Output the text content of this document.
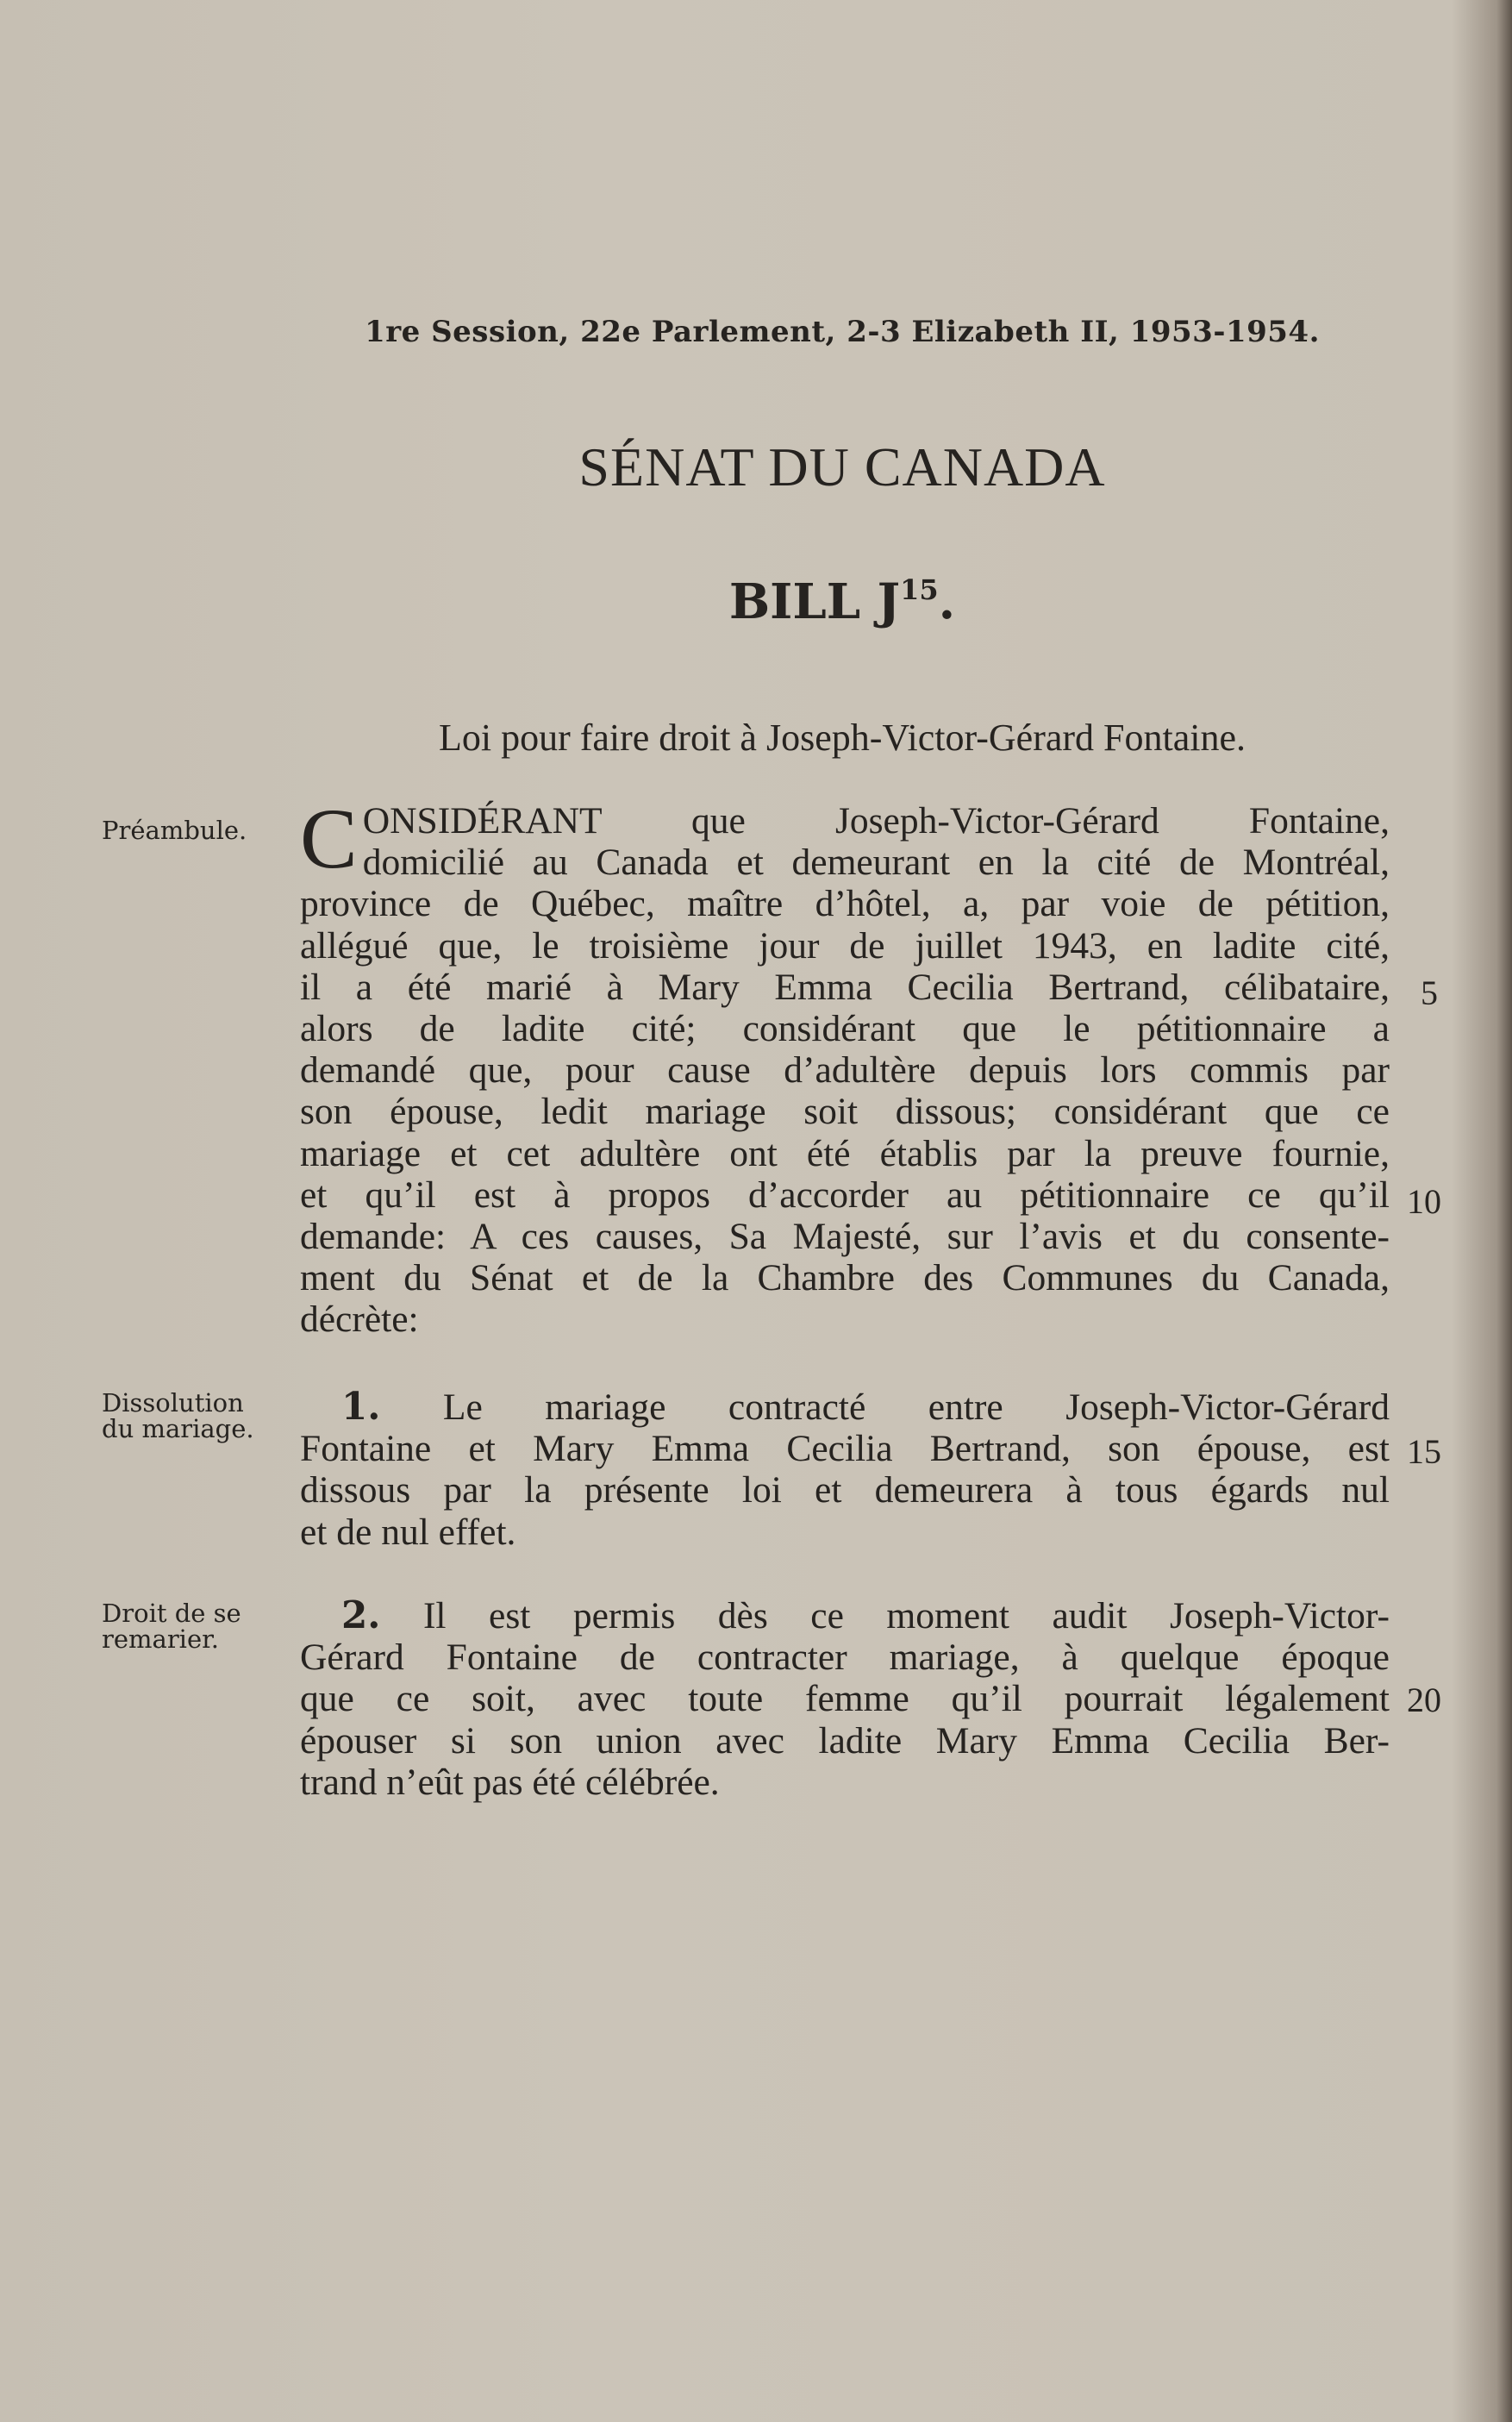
1re Session, 22e Parlement, 2-3 Elizabeth II, 1953-1954.

SÉNAT DU CANADA

BILL $J^{15}$.

Loi pour faire droit à Joseph-Victor-Gérard Fontaine.

Préambule. C ONSIDÉRANT que Joseph-Victor-Gérard Fontaine,
domicilié au Canada et demeurant en la cité de Montréal,
province de Québec, maître d’hôtel, a, par voie de pétition,
allégué que, le troisième jour de juillet 1943, en ladite cité,
il a été marié à Mary Emma Cecilia Bertrand, célibataire,
alors de ladite cité; considérant que le pétitionnaire a
demandé que, pour cause d’adultère depuis lors commis par
son épouse, ledit mariage soit dissous; considérant que ce
mariage et cet adultère ont été établis par la preuve fournie,
et qu’il est à propos d’accorder au pétitionnaire ce qu’il
demande: A ces causes, Sa Majesté, sur l’avis et du consente-
ment du Sénat et de la Chambre des Communes du Canada,
décrète:

Dissolution
du mariage.	1. Le mariage contracté entre Joseph-Victor-Gérard
Fontaine et Mary Emma Cecilia Bertrand, son épouse, est
dissous par la présente loi et demeurera à tous égards nul
et de nul effet.

Droit de se
remarier.

2. Il est permis dès ce moment audit Joseph-Victor-
Gérard Fontaine de contracter mariage, à quelque époque
que ce soit, avec toute femme qu’il pourrait légalement
épouser si son union avec ladite Mary Emma Cecilia Ber-
trand n’eût pas été célébrée.
5
10
15
20
